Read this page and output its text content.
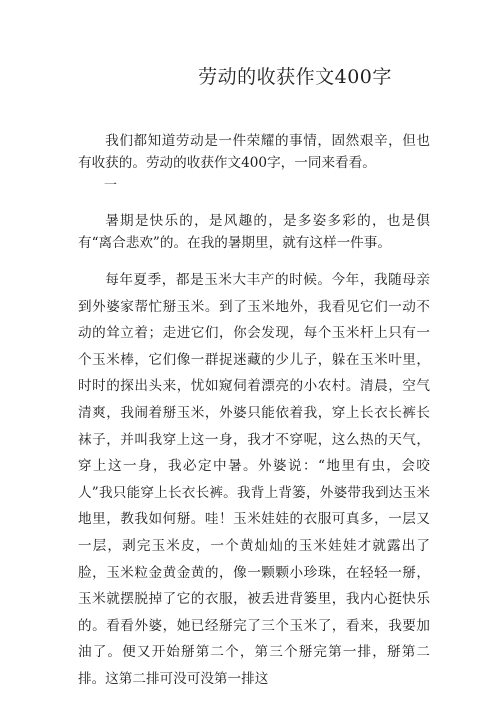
劳动的收获作文400字

我们都知道劳动是一件荣耀的事情，固然艰辛，但也有收获的。劳动的收获作文400字，一同来看看。

一

暑期是快乐的，是风趣的，是多姿多彩的，也是倶有“离合悲欢”的。在我的暑期里，就有这样一件事。

每年夏季，都是玉米大丰产的时候。今年，我随母亲到外婆家帮忙掰玉米。到了玉米地外，我看见它们一动不动的耸立着；走进它们，你会发现，每个玉米杆上只有一个玉米棒，它们像一群捉迷藏的少儿子，躲在玉米叶里，时时的探出头来，忧如窥伺着漂亮的小农村。清晨，空气清爽，我闹着掰玉米，外婆只能依着我，穿上长衣长裤长袜子，并叫我穿上这一身，我才不穿呢，这么热的天气，穿上这一身，我必定中暑。外婆说：“地里有虫，会咬人”我只能穿上长衣长裤。我背上背篓，外婆带我到达玉米地里，教我如何掰。哇！玉米娃娃的衣服可真多，一层又一层，剥完玉米皮，一个黄灿灿的玉米娃娃才就露出了脸，玉米粒金黄金黄的，像一颗颗小珍珠，在轻轻一掰，玉米就摆脱掉了它的衣服，被丢进背篓里，我内心挺快乐的。看看外婆，她已经掰完了三个玉米了，看来，我要加油了。便又开始掰第二个，第三个掰完第一排，掰第二排。这第二排可没可没第一排这
